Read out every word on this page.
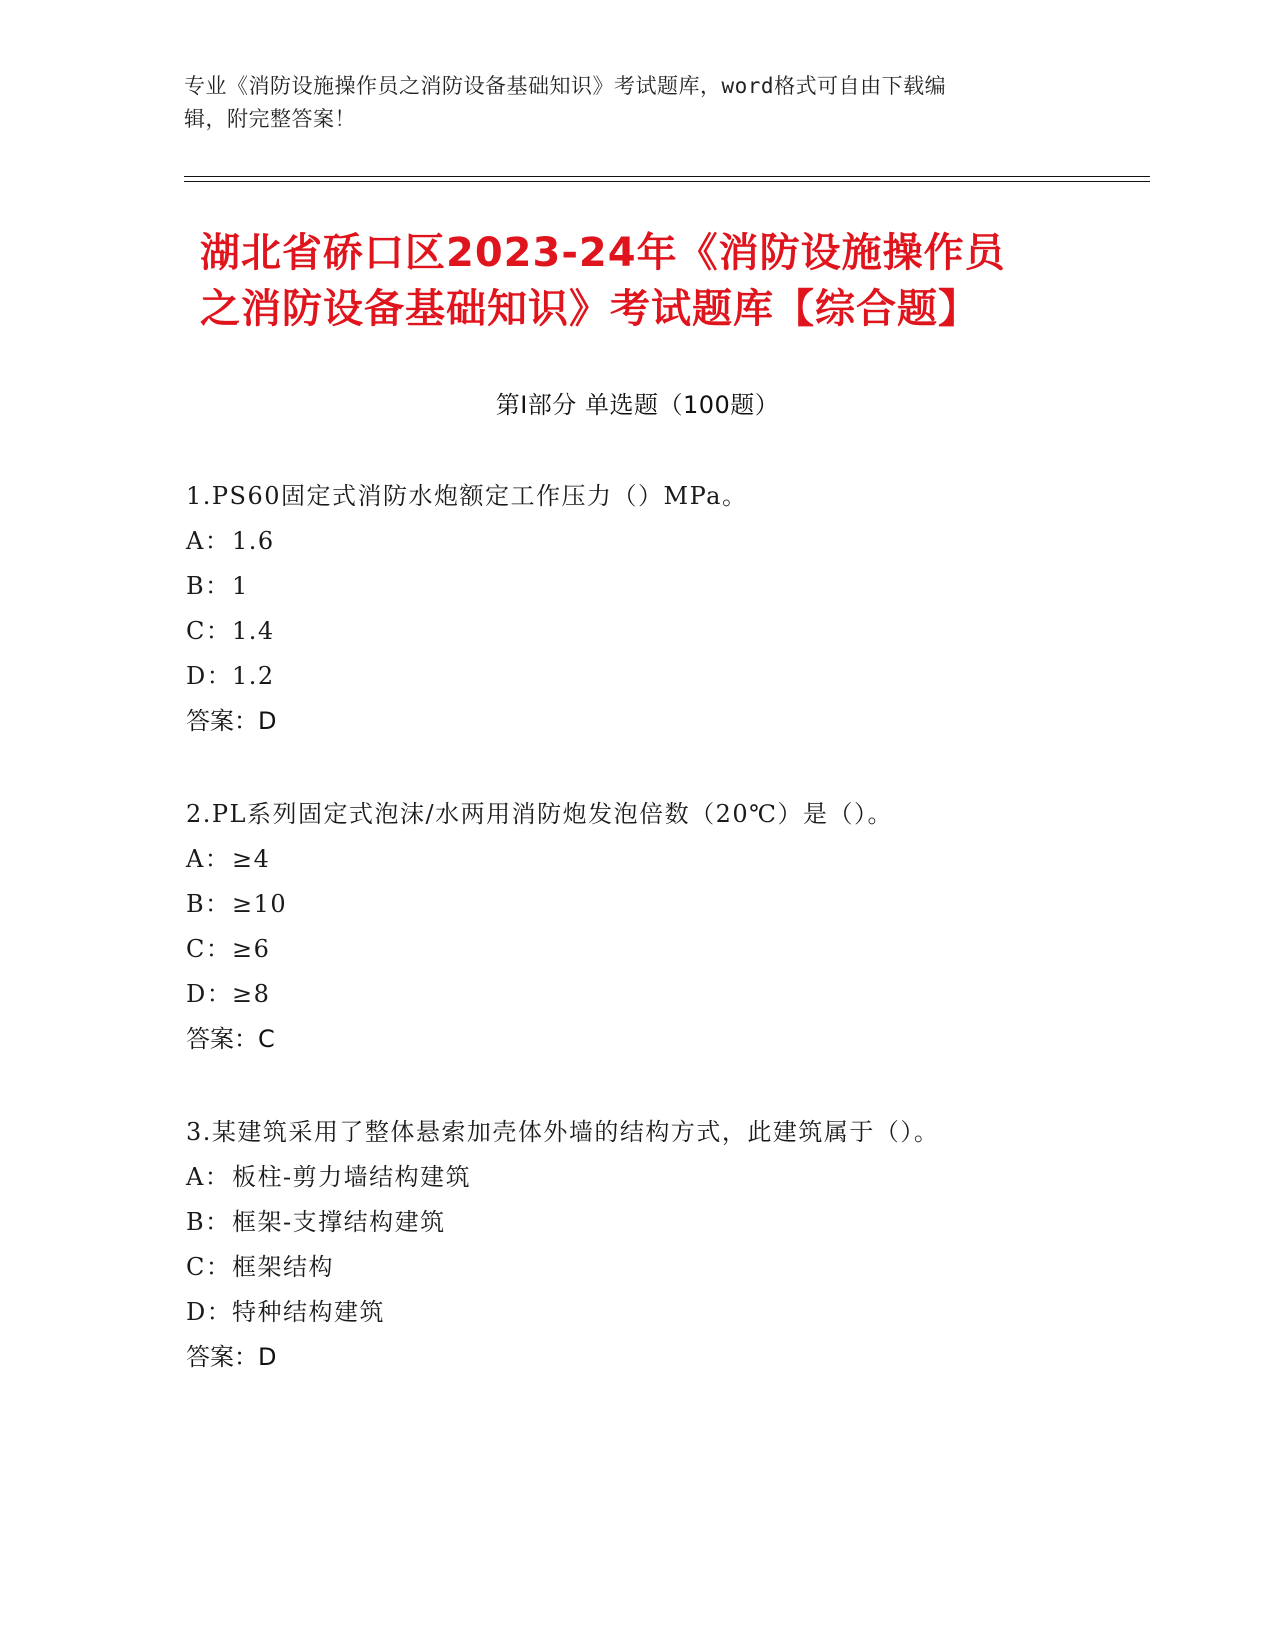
专业《消防设施操作员之消防设备基础知识》考试题库，word格式可自由下载编
辑，附完整答案！
湖北省硚口区2023-24年《消防设施操作员
之消防设备基础知识》考试题库【综合题】
第Ⅰ部分 单选题（100题）
1.PS60固定式消防水炮额定工作压力（）MPa。
A：1.6
B：1
C：1.4
D：1.2
答案：D
2.PL系列固定式泡沫/水两用消防炮发泡倍数（20℃）是（）。
A：≥4
B：≥10
C：≥6
D：≥8
答案：C
3.某建筑采用了整体悬索加壳体外墙的结构方式，此建筑属于（）。
A：板柱-剪力墙结构建筑
B：框架-支撑结构建筑
C：框架结构
D：特种结构建筑
答案：D
